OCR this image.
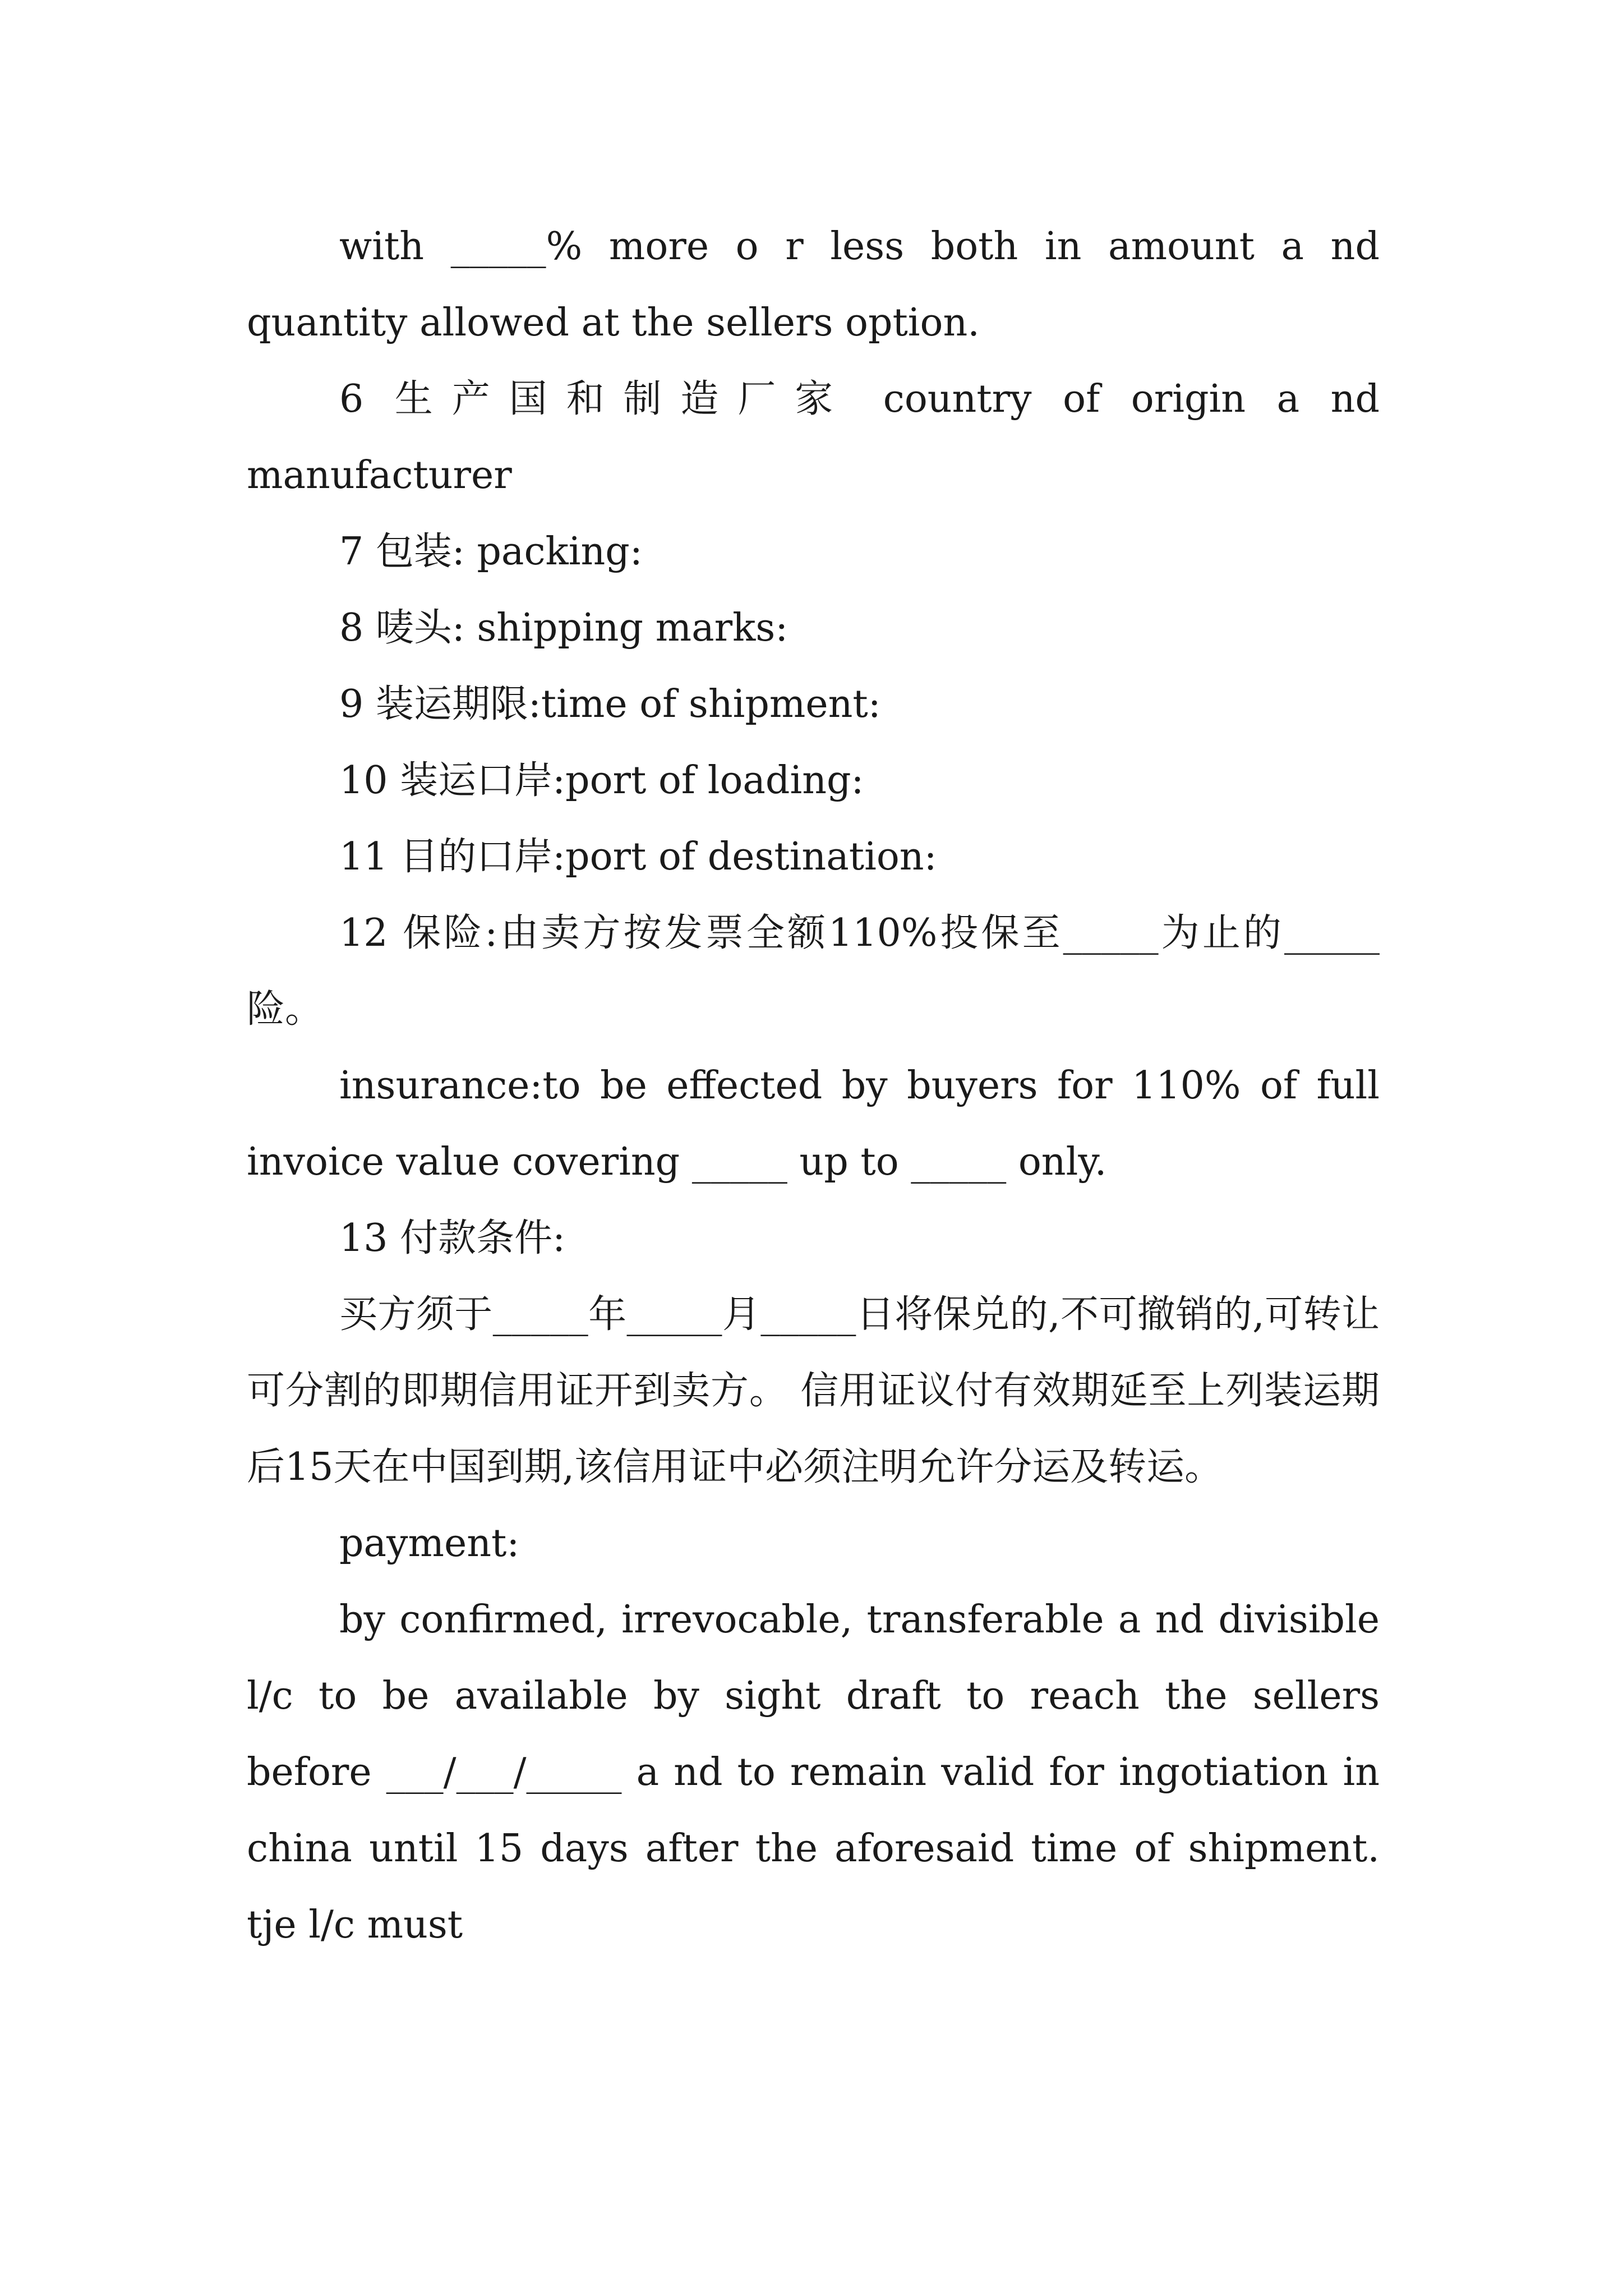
with _____% more o r less both in amount a nd quantity allowed at the sellers option.

6 生产国和制造厂家 country of origin a nd manufacturer

7 包装: packing:

8 唛头: shipping marks:

9 装运期限:time of shipment:

10 装运口岸:port of loading:

11 目的口岸:port of destination:

12 保险:由卖方按发票全额110%投保至_____为止的_____险。

insurance:to be effected by buyers for 110% of full invoice value covering _____ up to _____ only.

13 付款条件:

买方须于_____年_____月_____日将保兑的,不可撤销的,可转让可分割的即期信用证开到卖方。 信用证议付有效期延至上列装运期后15天在中国到期,该信用证中必须注明允许分运及转运。

payment:

by confirmed, irrevocable, transferable a nd divisible l/c to be available by sight draft to reach the sellers before ___/___/_____ a nd to remain valid for ingotiation in china until 15 days after the aforesaid time of shipment. tje l/c must
